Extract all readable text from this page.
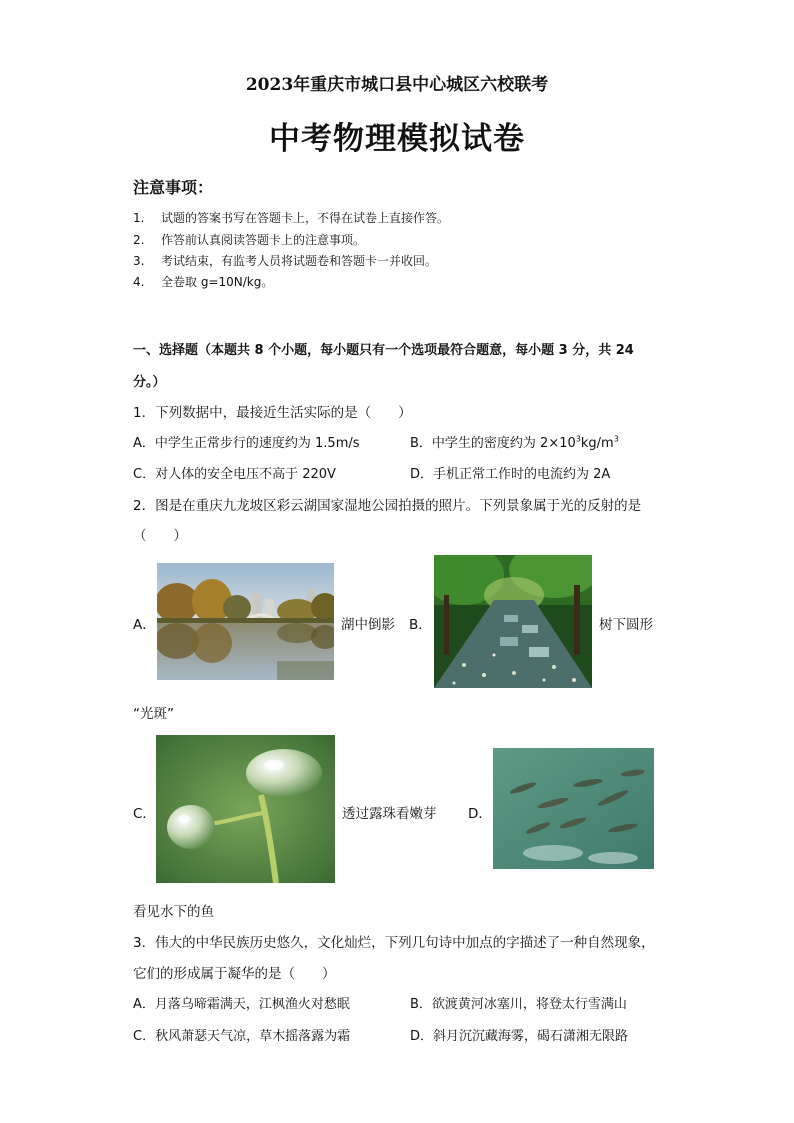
2023年重庆市城口县中心城区六校联考
中考物理模拟试卷
注意事项：
1. 试题的答案书写在答题卡上，不得在试卷上直接作答。
2. 作答前认真阅读答题卡上的注意事项。
3. 考试结束，有监考人员将试题卷和答题卡一并收回。
4. 全卷取 g=10N/kg。
一、选择题（本题共 8 个小题，每小题只有一个选项最符合题意，每小题 3 分，共 24
分。）
1．下列数据中，最接近生活实际的是（　　）
A．中学生正常步行的速度约为 1.5m/s	B．中学生的密度约为 $2\times 10^3kg/m^3$
C．对人体的安全电压不高于 220V	D．手机正常工作时的电流约为 2A
2．图是在重庆九龙坡区彩云湖国家湿地公园拍摄的照片。下列景象属于光的反射的是
（　　）
A．	湖中倒影 B．	树下圆形
“光斑”
C．	透过露珠看嫩芽 D．
看见水下的鱼
3．伟大的中华民族历史悠久，文化灿烂，下列几句诗中加点的字描述了一种自然现象，
它们的形成属于凝华的是（　　）
A．月落乌啼霜满天，江枫渔火对愁眠	B．欲渡黄河冰塞川，将登太行雪满山
C．秋风萧瑟天气凉，草木摇落露为霜	D．斜月沉沉藏海雾，碣石潇湘无限路
